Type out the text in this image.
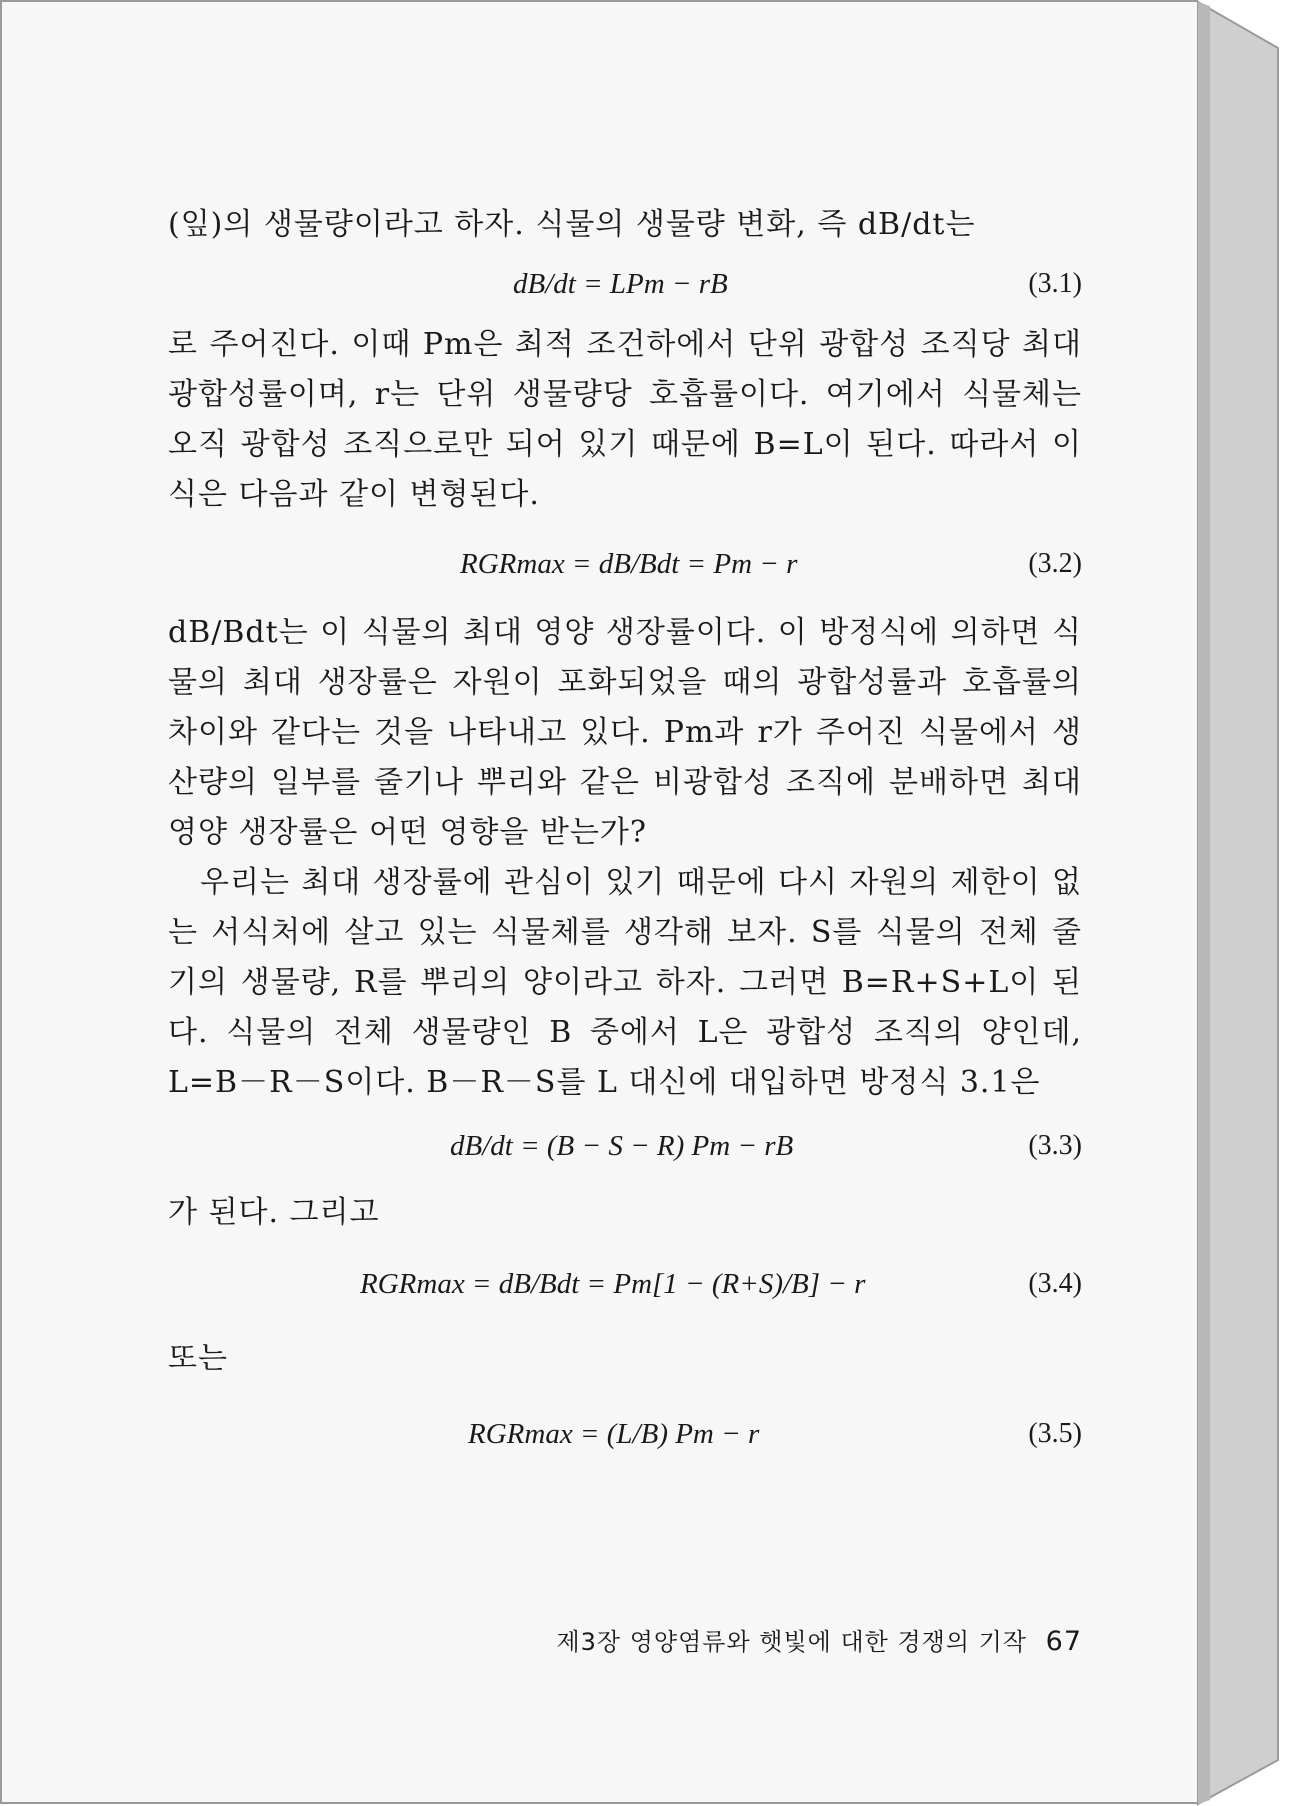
(잎)의 생물량이라고 하자. 식물의 생물량 변화, 즉 dB/dt는

dB/dt = LPm − rB	(3.1)

로 주어진다. 이때 Pm은 최적 조건하에서 단위 광합성 조직당 최대 광합성률이며, r는 단위 생물량당 호흡률이다. 여기에서 식물체는 오직 광합성 조직으로만 되어 있기 때문에 B=L이 된다. 따라서 이 식은 다음과 같이 변형된다.

RGRmax = dB/Bdt = Pm − r	(3.2)

dB/Bdt는 이 식물의 최대 영양 생장률이다. 이 방정식에 의하면 식물의 최대 생장률은 자원이 포화되었을 때의 광합성률과 호흡률의 차이와 같다는 것을 나타내고 있다. Pm과 r가 주어진 식물에서 생산량의 일부를 줄기나 뿌리와 같은 비광합성 조직에 분배하면 최대 영양 생장률은 어떤 영향을 받는가?

우리는 최대 생장률에 관심이 있기 때문에 다시 자원의 제한이 없는 서식처에 살고 있는 식물체를 생각해 보자. S를 식물의 전체 줄기의 생물량, R를 뿌리의 양이라고 하자. 그러면 B=R+S+L이 된다. 식물의 전체 생물량인 B 중에서 L은 광합성 조직의 양인데, L=B－R－S이다. B－R－S를 L 대신에 대입하면 방정식 3.1은

dB/dt = (B − S − R) Pm − rB	(3.3)

가 된다. 그리고

RGRmax = dB/Bdt = Pm[1 − (R+S)/B] − r	(3.4)

또는

RGRmax = (L/B) Pm − r	(3.5)
제3장 영양염류와 햇빛에 대한 경쟁의 기작 67
